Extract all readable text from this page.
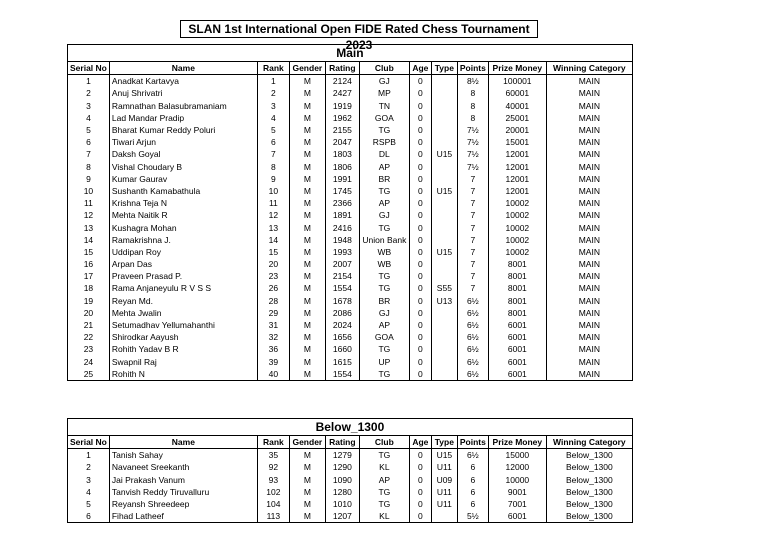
SLAN 1st International Open FIDE Rated Chess Tournament 2023
Main										
Serial No	Name	Rank	Gender	Rating	Club	Age	Type	Points	Prize Money	Winning Category
1	Anadkat Kartavya	1	M	2124	GJ	0		8½	100001	MAIN
2	Anuj Shrivatri	2	M	2427	MP	0		8	60001	MAIN
3	Ramnathan Balasubramaniam	3	M	1919	TN	0		8	40001	MAIN
4	Lad Mandar Pradip	4	M	1962	GOA	0		8	25001	MAIN
5	Bharat Kumar Reddy Poluri	5	M	2155	TG	0		7½	20001	MAIN
6	Tiwari Arjun	6	M	2047	RSPB	0		7½	15001	MAIN
7	Daksh Goyal	7	M	1803	DL	0	U15	7½	12001	MAIN
8	Vishal Choudary B	8	M	1806	AP	0		7½	12001	MAIN
9	Kumar Gaurav	9	M	1991	BR	0		7	12001	MAIN
10	Sushanth Kamabathula	10	M	1745	TG	0	U15	7	12001	MAIN
11	Krishna Teja N	11	M	2366	AP	0		7	10002	MAIN
12	Mehta Naitik R	12	M	1891	GJ	0		7	10002	MAIN
13	Kushagra Mohan	13	M	2416	TG	0		7	10002	MAIN
14	Ramakrishna J.	14	M	1948	Union Bank	0		7	10002	MAIN
15	Uddipan Roy	15	M	1993	WB	0	U15	7	10002	MAIN
16	Arpan Das	20	M	2007	WB	0		7	8001	MAIN
17	Praveen Prasad P.	23	M	2154	TG	0		7	8001	MAIN
18	Rama Anjaneyulu R V S S	26	M	1554	TG	0	S55	7	8001	MAIN
19	Reyan Md.	28	M	1678	BR	0	U13	6½	8001	MAIN
20	Mehta Jwalin	29	M	2086	GJ	0		6½	8001	MAIN
21	Setumadhav Yellumahanthi	31	M	2024	AP	0		6½	6001	MAIN
22	Shirodkar Aayush	32	M	1656	GOA	0		6½	6001	MAIN
23	Rohith Yadav B R	36	M	1660	TG	0		6½	6001	MAIN
24	Swapnil Raj	39	M	1615	UP	0		6½	6001	MAIN
25	Rohith N	40	M	1554	TG	0		6½	6001	MAIN
Below_1300										
Serial No	Name	Rank	Gender	Rating	Club	Age	Type	Points	Prize Money	Winning Category
1	Tanish Sahay	35	M	1279	TG	0	U15	6½	15000	Below_1300
2	Navaneet Sreekanth	92	M	1290	KL	0	U11	6	12000	Below_1300
3	Jai Prakash Vanum	93	M	1090	AP	0	U09	6	10000	Below_1300
4	Tanvish Reddy Tiruvalluru	102	M	1280	TG	0	U11	6	9001	Below_1300
5	Reyansh Shreedeep	104	M	1010	TG	0	U11	6	7001	Below_1300
6	Fihad Latheef	113	M	1207	KL	0		5½	6001	Below_1300
